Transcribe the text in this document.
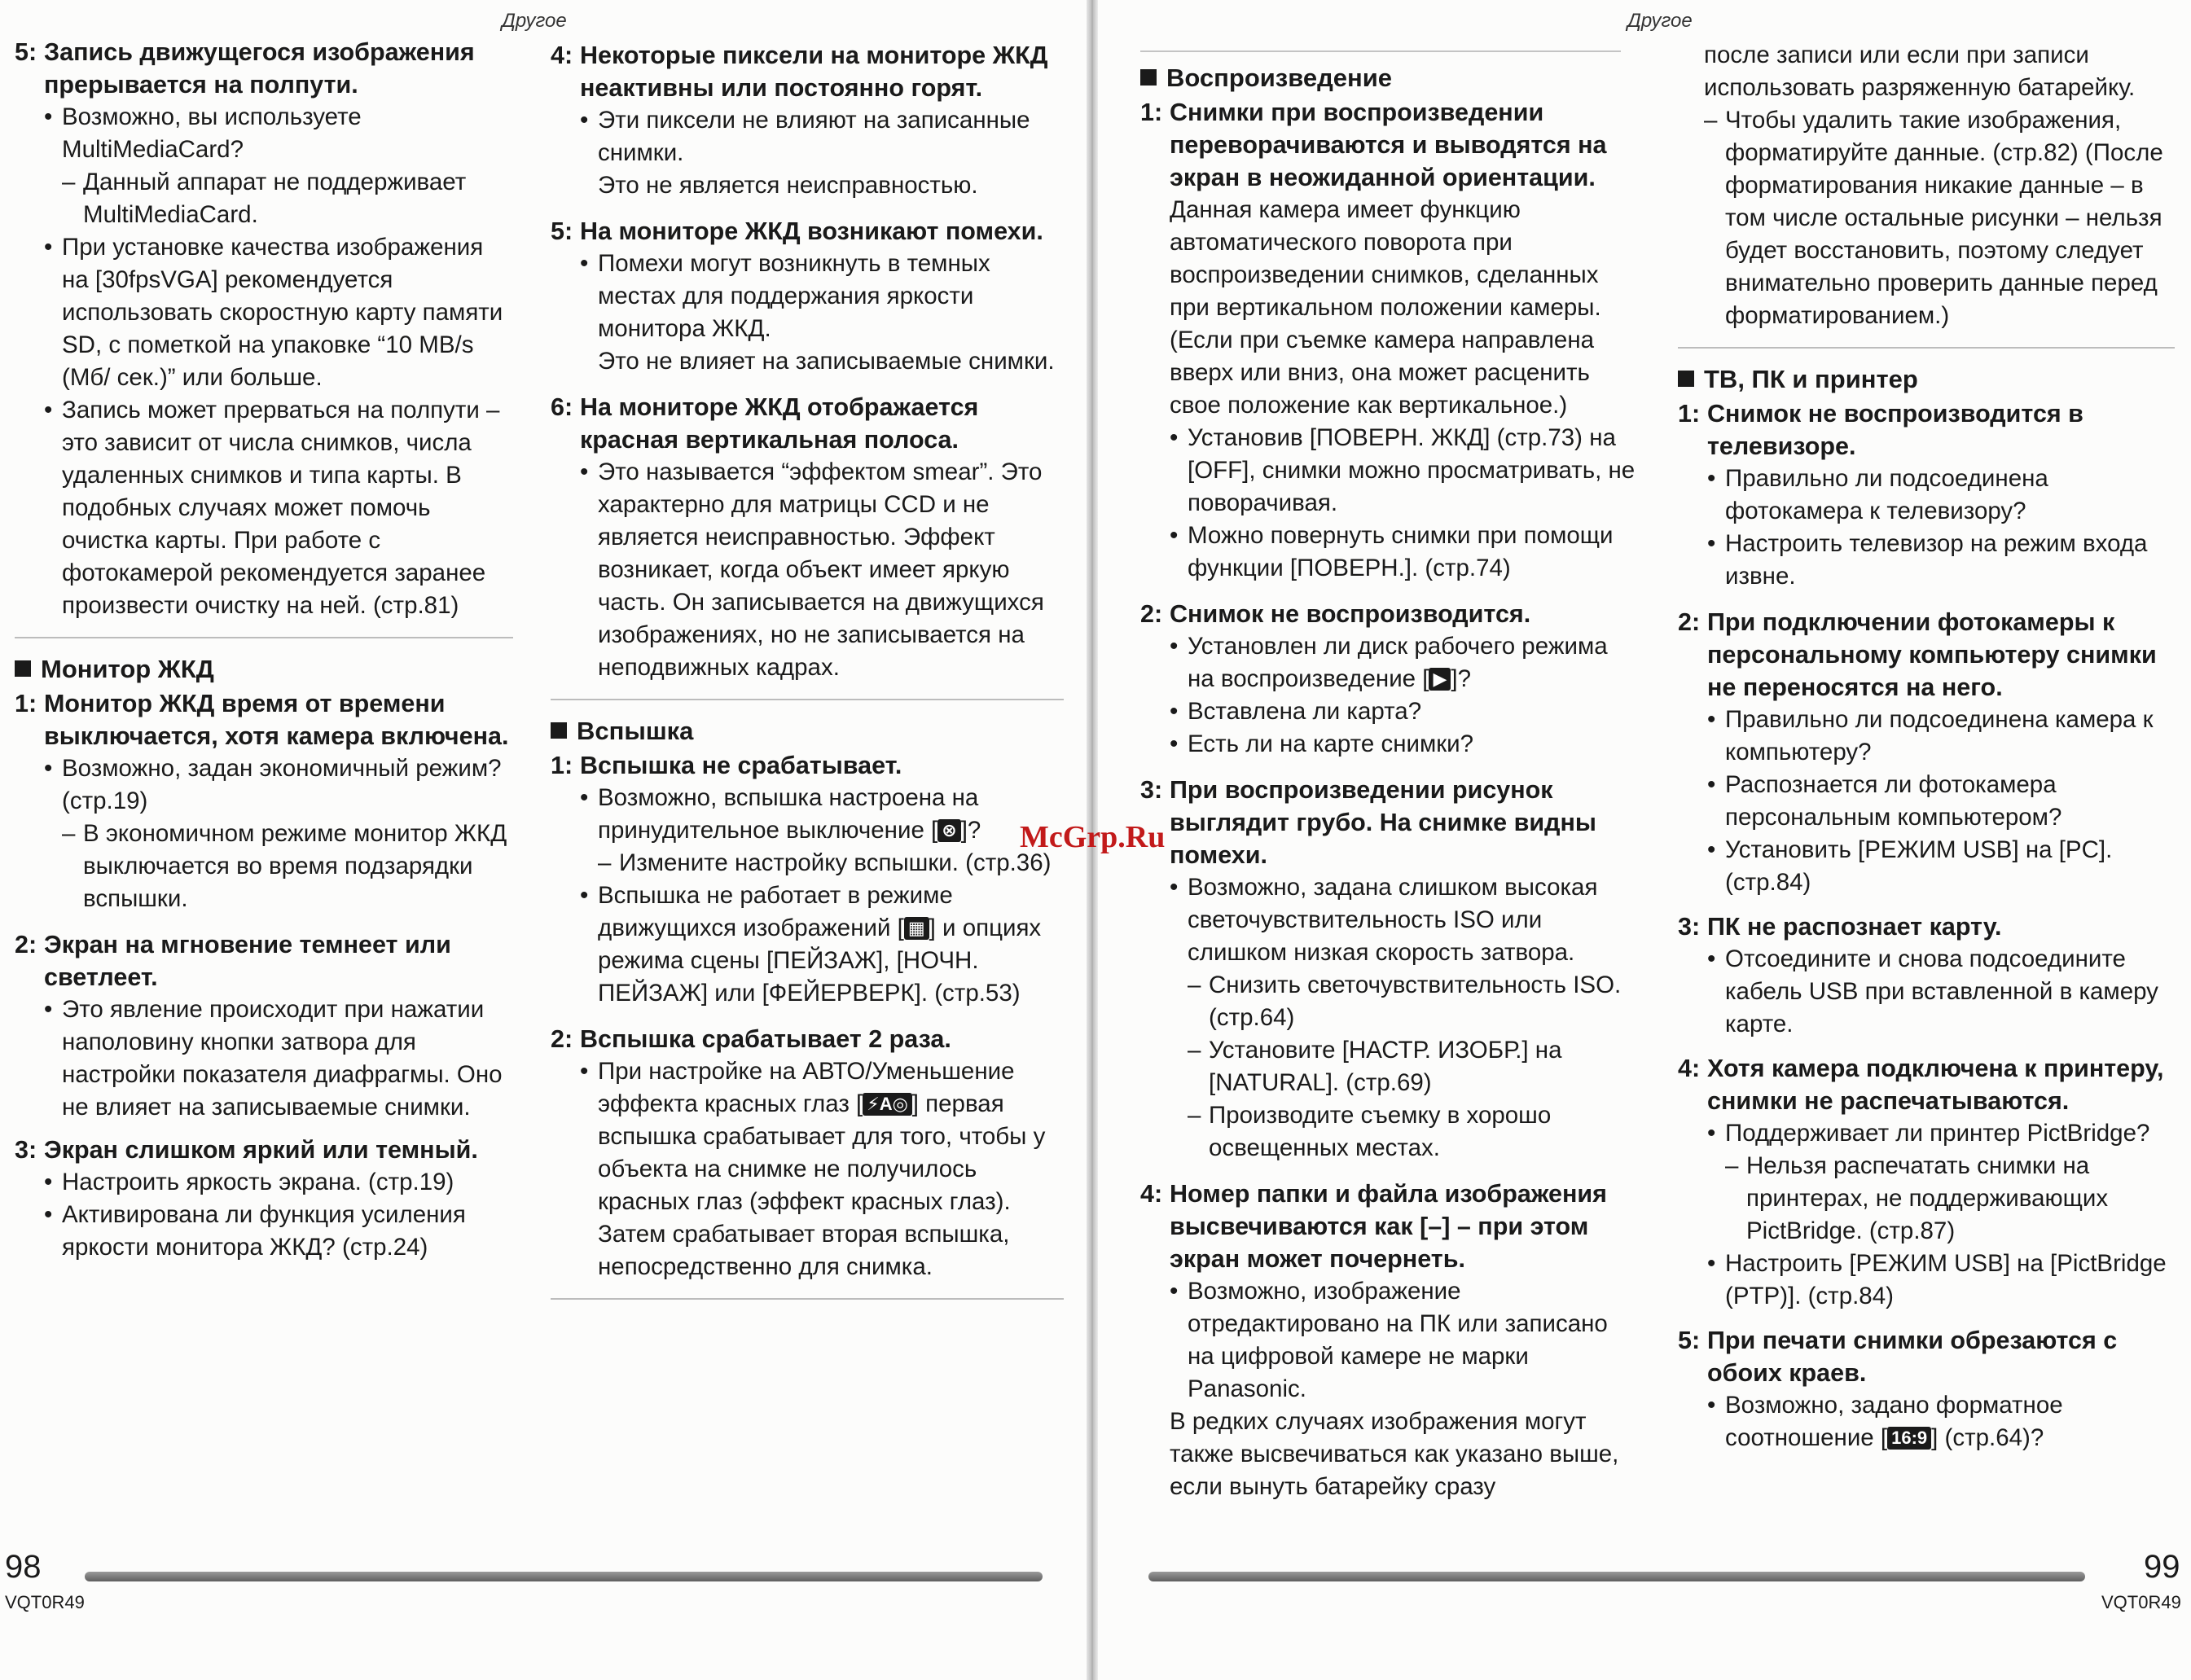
Другое
5: Запись движущегося изображения прерывается на полпути.
• Возможно, вы используете MultiMediaCard?
– Данный аппарат не поддерживает MultiMediaCard.
• При установке качества изображения на [30fpsVGA] рекомендуется использовать скоростную карту памяти SD, с пометкой на упаковке “10 MB/s (Мб/ сек.)” или больше.
• Запись может прерваться на полпути – это зависит от числа снимков, числа удаленных снимков и типа карты. В подобных случаях может помочь очистка карты. При работе с фотокамерой рекомендуется заранее произвести очистку на ней. (стр.81)
Монитор ЖКД
1: Монитор ЖКД время от времени выключается, хотя камера включена.
• Возможно, задан экономичный режим? (стр.19)
– В экономичном режиме монитор ЖКД выключается во время подзарядки вспышки.
2: Экран на мгновение темнеет или светлеет.
• Это явление происходит при нажатии наполовину кнопки затвора для настройки показателя диафрагмы. Оно не влияет на записываемые снимки.
3: Экран слишком яркий или темный.
• Настроить яркость экрана. (стр.19)
• Активирована ли функция усиления яркости монитора ЖКД? (стр.24)
4: Некоторые пиксели на мониторе ЖКД неактивны или постоянно горят.
• Эти пиксели не влияют на записанные снимки.
Это не является неисправностью.
5: На мониторе ЖКД возникают помехи.
• Помехи могут возникнуть в темных местах для поддержания яркости монитора ЖКД.
Это не влияет на записываемые снимки.
6: На мониторе ЖКД отображается красная вертикальная полоса.
• Это называется “эффектом smear”. Это характерно для матрицы CCD и не является неисправностью. Эффект возникает, когда объект имеет яркую часть. Он записывается на движущихся изображениях, но не записывается на неподвижных кадрах.
Вспышка
1: Вспышка не срабатывает.
• Возможно, вспышка настроена на принудительное выключение [ ⊗ ]?
– Измените настройку вспышки. (стр.36)
• Вспышка не работает в режиме движущихся изображений [ ▦ ] и опциях режима сцены [ПЕЙЗАЖ], [НОЧН. ПЕЙЗАЖ] или [ФЕЙЕРВЕРК]. (стр.53)
2: Вспышка срабатывает 2 раза.
• При настройке на АВТО/Уменьшение эффекта красных глаз [ ⚡A◎ ] первая вспышка срабатывает для того, чтобы у объекта на снимке не получилось красных глаз (эффект красных глаз). Затем срабатывает вторая вспышка, непосредственно для снимка.
98
VQT0R49
Другое
Воспроизведение
1: Снимки при воспроизведении переворачиваются и выводятся на экран в неожиданной ориентации.
Данная камера имеет функцию автоматического поворота при воспроизведении снимков, сделанных при вертикальном положении камеры.
(Если при съемке камера направлена вверх или вниз, она может расценить свое положение как вертикальное.)
• Установив [ПОВЕРН. ЖКД] (стр.73) на [OFF], снимки можно просматривать, не поворачивая.
• Можно повернуть снимки при помощи функции [ПОВЕРН.]. (стр.74)
2: Снимок не воспроизводится.
• Установлен ли диск рабочего режима на воспроизведение [ ▶ ]?
• Вставлена ли карта?
• Есть ли на карте снимки?
3: При воспроизведении рисунок выглядит грубо. На снимке видны помехи.
• Возможно, задана слишком высокая светочувствительность ISO или слишком низкая скорость затвора.
– Снизить светочувствительность ISO. (стр.64)
– Установите [НАСТР. ИЗОБР.] на [NATURAL]. (стр.69)
– Производите съемку в хорошо освещенных местах.
4: Номер папки и файла изображения высвечиваются как [–] – при этом экран может почернеть.
• Возможно, изображение отредактировано на ПК или записано на цифровой камере не марки Panasonic.
В редких случаях изображения могут также высвечиваться как указано выше, если вынуть батарейку сразу
после записи или если при записи использовать разряженную батарейку.
– Чтобы удалить такие изображения, форматируйте данные. (стр.82) (После форматирования никакие данные – в том числе остальные рисунки – нельзя будет восстановить, поэтому следует внимательно проверить данные перед форматированием.)
ТВ, ПК и принтер
1: Снимок не воспроизводится в телевизоре.
• Правильно ли подсоединена фотокамера к телевизору?
• Настроить телевизор на режим входа извне.
2: При подключении фотокамеры к персональному компьютеру снимки не переносятся на него.
• Правильно ли подсоединена камера к компьютеру?
• Распознается ли фотокамера персональным компьютером?
• Установить [РЕЖИМ USB] на [PC]. (стр.84)
3: ПК не распознает карту.
• Отсоедините и снова подсоедините кабель USB при вставленной в камеру карте.
4: Хотя камера подключена к принтеру, снимки не распечатываются.
• Поддерживает ли принтер PictBridge?
– Нельзя распечатать снимки на принтерах, не поддерживающих PictBridge. (стр.87)
• Настроить [РЕЖИМ USB] на [PictBridge (PTP)]. (стр.84)
5: При печати снимки обрезаются с обоих краев.
• Возможно, задано форматное соотношение [ 16:9 ] (стр.64)?
99
VQT0R49
McGrp.Ru
